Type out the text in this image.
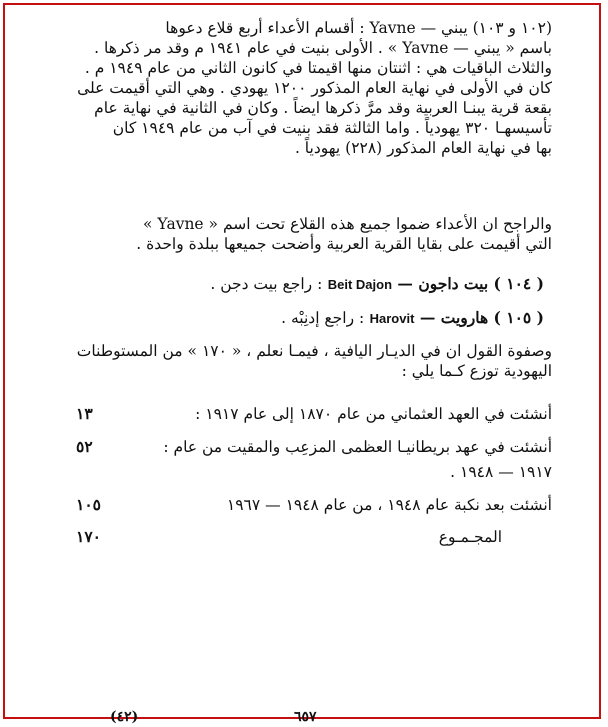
(١٠٢ و ١٠٣) يبني — Yavne : أقسام الأعداء أربع قلاع دعوها

باسم « يبني — Yavne » . الأولى بنيت في عام ١٩٤١ م وقد مر ذكرها .

والثلاث الباقيات هي : اثنتان منها اقيمتا في كانون الثاني من عام ١٩٤٩ م .

كان في الأولى في نهاية العام المذكور ١٢٠٠ يهودي . وهي التي أقيمت على

بقعة قرية يبنـا العربية وقد مرَّ ذكرها ايضاً . وكان في الثانية في نهاية عام

تأسيسهـا ٣٢٠ يهودياً . واما الثالثة فقد بنيت في آب من عام ١٩٤٩ كان

بها في نهاية العام المذكور (٢٢٨) يهودياً .

والراجح ان الأعداء ضموا جميع هذه القلاع تحت اسم « Yavne »

التي أقيمت على بقايا القرية العربية وأضحت جميعها ببلدة واحدة .

( ١٠٤ ) بيت داجون — Beit Dajon : راجع بيت دجن .
( ١٠٥ ) هارويت — Harovit : راجع إدنِبْه .

وصفوة القول ان في الديـار اليافية ، فيمـا نعلم ، « ١٧٠ » من المستوطنات

اليهودية توزع كـما يلي :

أنشئت في العهد العثماني من عام ١٨٧٠ إلى عام ١٩١٧ :
١٣
أنشئت في عهد بريطانيـا العظمى المزعِب والمقيت من عام :
٥٢
١٩١٧ — ١٩٤٨ .
أنشئت بعد نكبة عام ١٩٤٨ ، من عام ١٩٤٨ — ١٩٦٧
١٠٥
المجـمـوع
١٧٠
(٤٢)	٦٥٧
